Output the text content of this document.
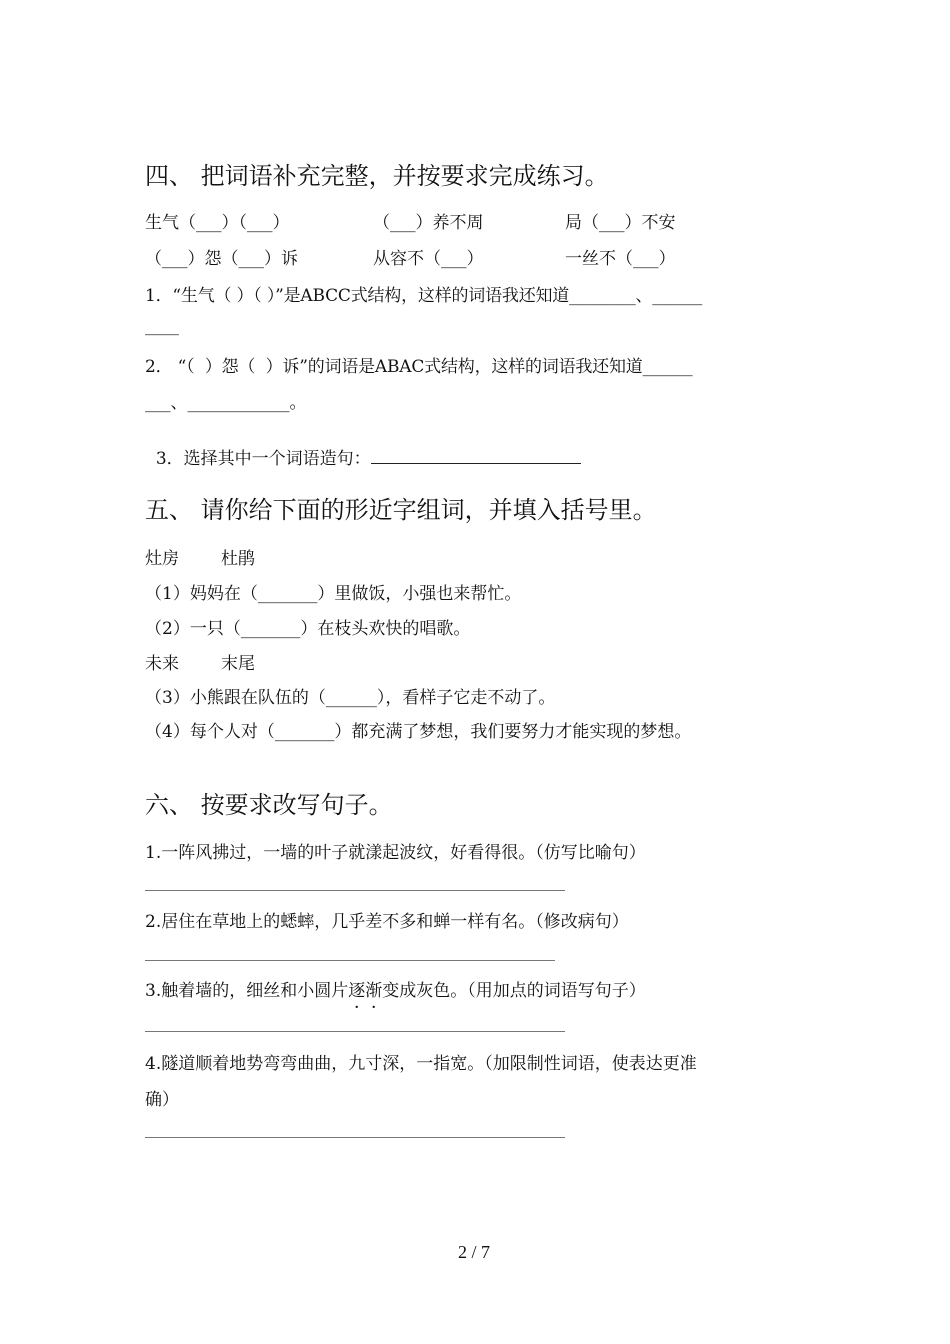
四、 把词语补充完整，并按要求完成练习。
生气（___）（___）	（___）养不周	局（___）不安
（___）怨（___）诉	从容不（___）	一丝不（___）
1．“生气（ ）（ ）”是ABCC式结构，这样的词语我还知道________、______
____
2． “（  ）怨（  ）诉”的词语是ABAC式结构，这样的词语我还知道______
___、____________。

3．选择其中一个词语造句：

五、 请你给下面的形近字组词，并填入括号里。
灶房 杜鹃
（1）妈妈在（_______）里做饭，小强也来帮忙。
（2）一只（_______）在枝头欢快的唱歌。
未来 末尾
（3）小熊跟在队伍的（______），看样子它走不动了。
（4）每个人对（_______）都充满了梦想，我们要努力才能实现的梦想。
六、 按要求改写句子。
1.一阵风拂过，一墙的叶子就漾起波纹，好看得很。（仿写比喻句）
2.居住在草地上的蟋蟀，几乎差不多和蝉一样有名。（修改病句）
3.触着墙的，细丝和小圆片逐渐变成灰色。（用加点的词语写句子）
4.隧道顺着地势弯弯曲曲，九寸深，一指宽。（加限制性词语，使表达更准
确）
2 / 7
